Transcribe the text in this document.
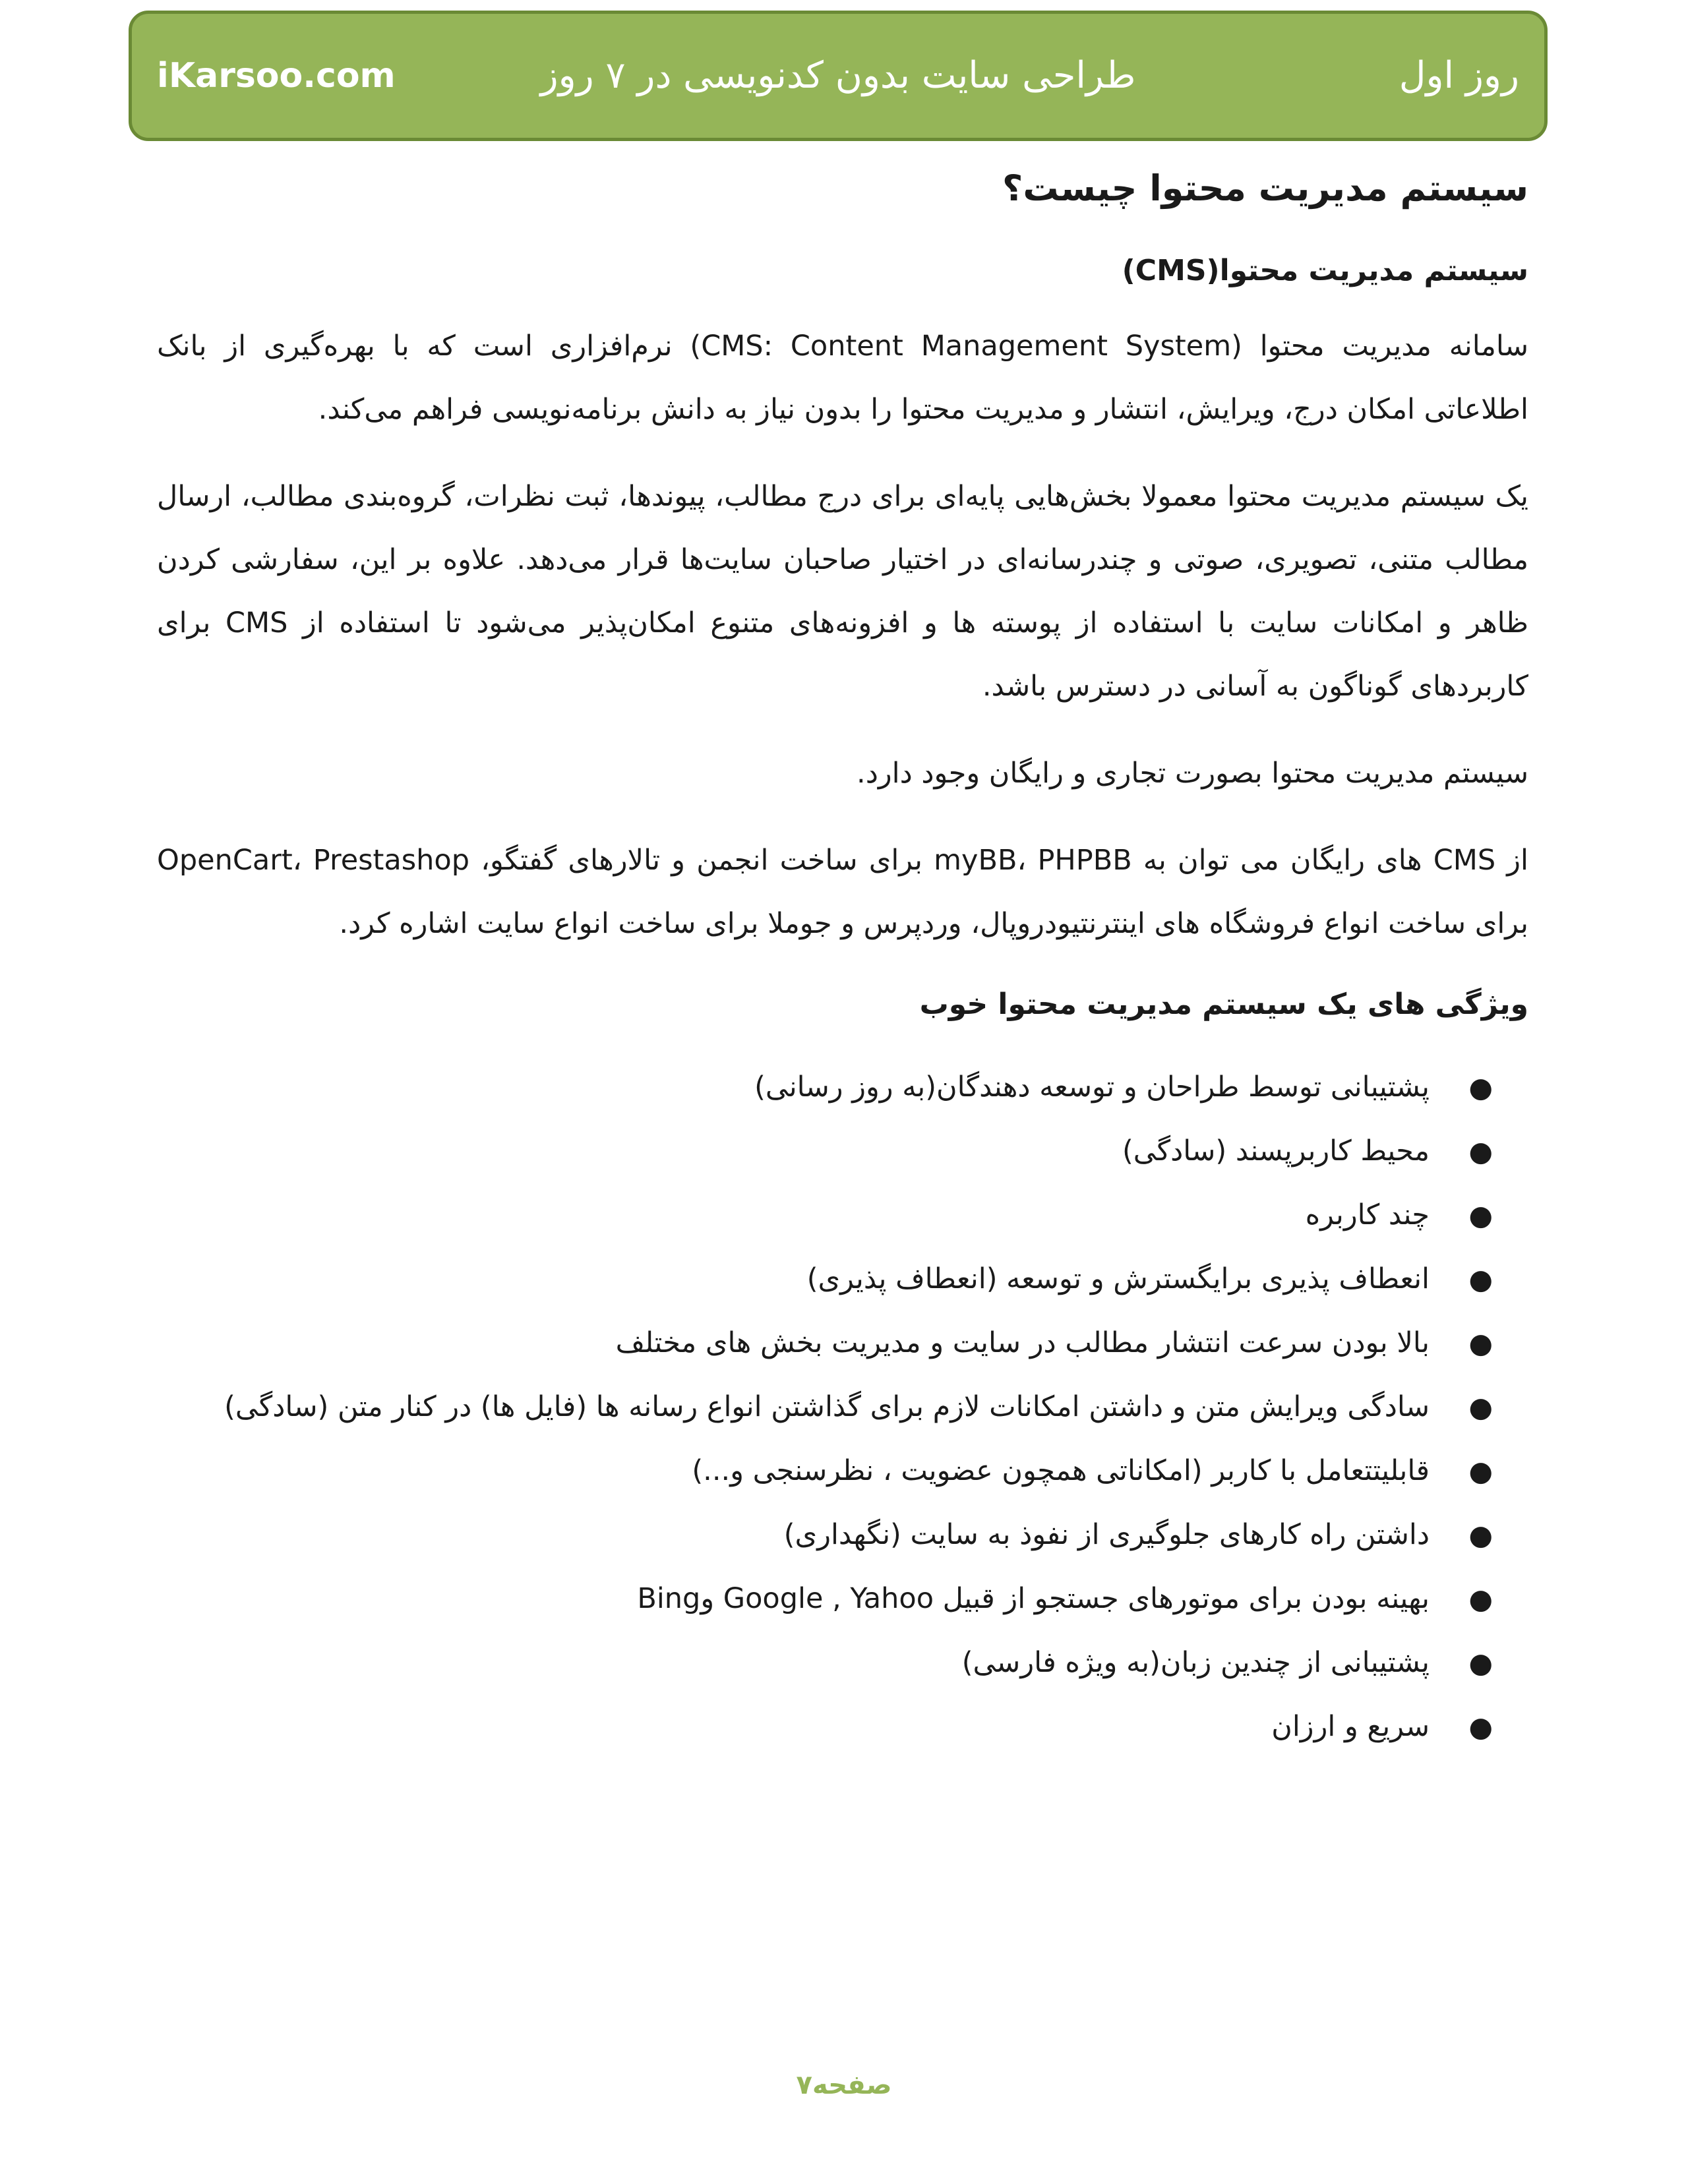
روز اول
طراحی سایت بدون کدنویسی در ۷ روز
iKarsoo.com
سیستم مدیریت محتوا چیست؟
سیستم مدیریت محتوا(CMS)

سامانه مدیریت محتوا (CMS: Content Management System) نرم‌افزاری است که با بهره‌گیری از بانک اطلاعاتی امکان درج، ویرایش، انتشار و مدیریت محتوا را بدون نیاز به دانش برنامه‌نویسی فراهم می‌کند.

یک سیستم مدیریت محتوا معمولا بخش‌هایی پایه‌ای برای درج مطالب، پیوندها، ثبت نظرات، گروه‌بندی مطالب، ارسال مطالب متنی، تصویری، صوتی و چندرسانه‌ای در اختیار صاحبان سایت‌ها قرار می‌دهد. علاوه بر این، سفارشی کردن ظاهر و امکانات سایت با استفاده از پوسته ها و افزونه‌های متنوع امکان‌پذیر می‌شود تا استفاده از CMS برای کاربردهای گوناگون به آسانی در دسترس باشد.

سیستم مدیریت محتوا بصورت تجاری و رایگان وجود دارد.

از CMS های رایگان می توان به myBB، PHPBB برای ساخت انجمن و تالارهای گفتگو، OpenCart، Prestashop برای ساخت انواع فروشگاه های اینترنتیودروپال، وردپرس و جوملا برای ساخت انواع سایت اشاره کرد.

ویژگی های یک سیستم مدیریت محتوا خوب
●
پشتیبانی توسط طراحان و توسعه دهندگان(به روز رسانی)
●
محیط کاربرپسند (سادگی)
●
چند کاربره
●
انعطاف پذیری برایگسترش و توسعه (انعطاف پذیری)
●
بالا بودن سرعت انتشار مطالب در سایت و مدیریت بخش های مختلف
●
سادگی ویرایش متن و داشتن امکانات لازم برای گذاشتن انواع رسانه ها (فایل ها) در کنار متن (سادگی)
●
قابلیتتعامل با کاربر (امکاناتی همچون عضویت ، نظرسنجی و...)
●
داشتن راه کارهای جلوگیری از نفوذ به سایت (نگهداری)
●
بهینه بودن برای موتورهای جستجو از قبیل Google , Yahoo وBing
●
پشتیبانی از چندین زبان(به ویژه فارسی)
●
سریع و ارزان
صفحه۷
